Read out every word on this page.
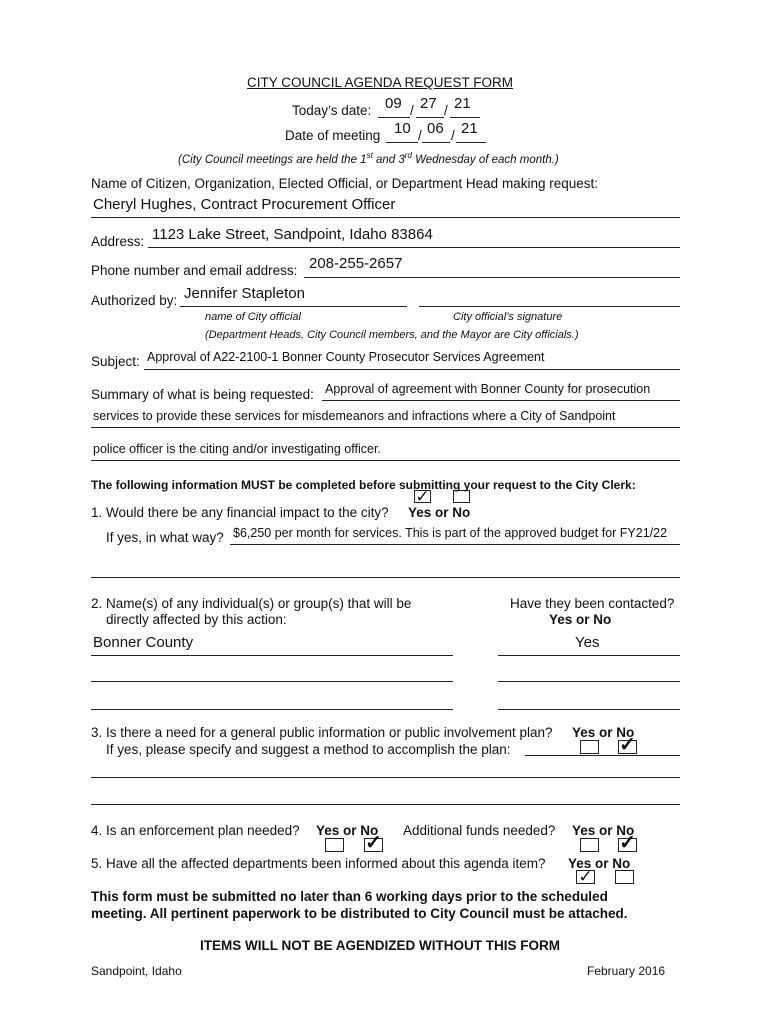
CITY COUNCIL AGENDA REQUEST FORM
Today’s date: 09 / 27 / 21
Date of meeting 10 / 06 / 21
(City Council meetings are held the 1st and 3rd Wednesday of each month.)
Name of Citizen, Organization, Elected Official, or Department Head making request:
Cheryl Hughes, Contract Procurement Officer
Address: 1123 Lake Street, Sandpoint, Idaho 83864
Phone number and email address: 208-255-2657
Authorized by: Jennifer Stapleton
name of City official	City official’s signature
(Department Heads, City Council members, and the Mayor are City officials.)
Subject: Approval of A22-2100-1 Bonner County Prosecutor Services Agreement
Summary of what is being requested: Approval of agreement with Bonner County for prosecution
services to provide these services for misdemeanors and infractions where a City of Sandpoint
police officer is the citing and/or investigating officer.
The following information MUST be completed before submitting your request to the City Clerk:
✓
1. Would there be any financial impact to the city? Yes or No
If yes, in what way? $6,250 per month for services. This is part of the approved budget for FY21/22
2. Name(s) of any individual(s) or group(s) that will be
directly affected by this action:
Have they been contacted?
Yes or No
Bonner County	Yes
3. Is there a need for a general public information or public involvement plan? Yes or No
If yes, please specify and suggest a method to accomplish the plan:	✓
4. Is an enforcement plan needed? Yes or No Additional funds needed? Yes or No
✓	✓
5. Have all the affected departments been informed about this agenda item? Yes or No
✓
This form must be submitted no later than 6 working days prior to the scheduled
meeting. All pertinent paperwork to be distributed to City Council must be attached.
ITEMS WILL NOT BE AGENDIZED WITHOUT THIS FORM
Sandpoint, Idaho	February 2016
